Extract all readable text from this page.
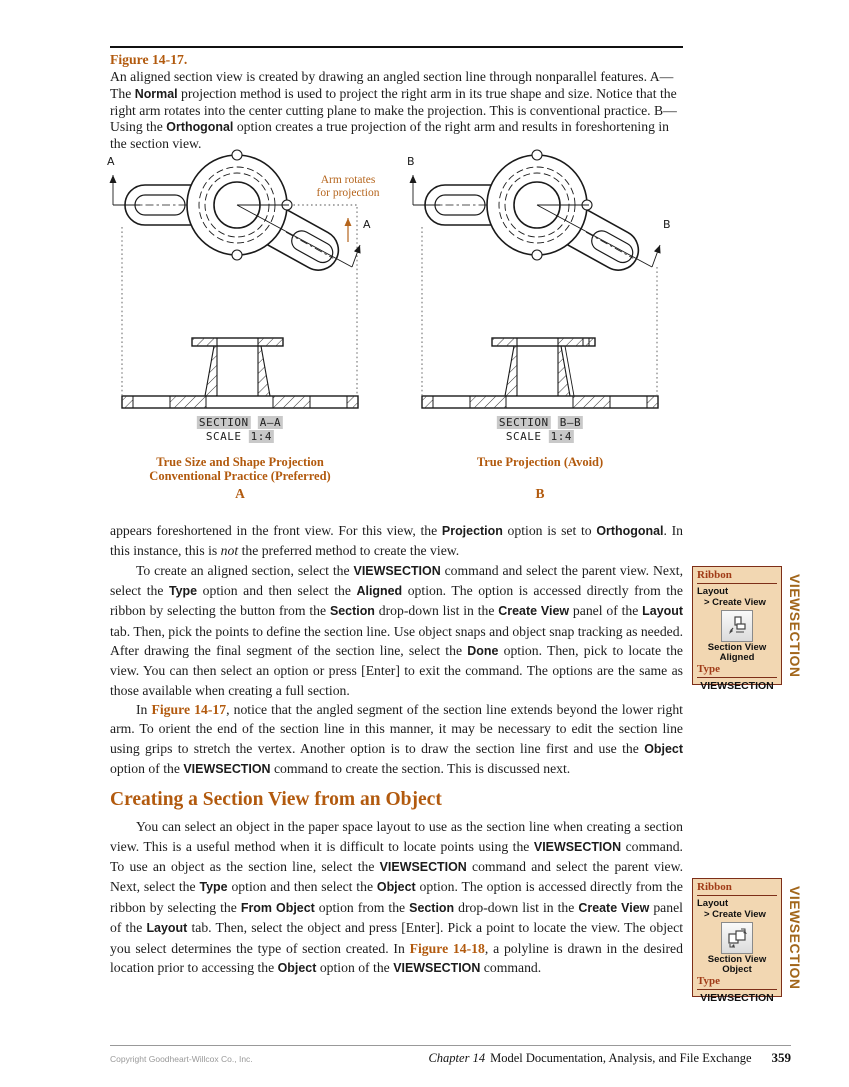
Figure 14-17.

An aligned section view is created by drawing an angled section line through nonparallel features. A—The Normal projection method is used to project the right arm in its true shape and size. Notice that the right arm rotates into the center cutting plane to make the projection. This is conventional practice. B—Using the Orthogonal option creates a true projection of the right arm and results in foreshortening in the section view.

A
A
B
B
Arm rotates
for projection
SECTION A–A
SCALE 1:4
SECTION B–B
SCALE 1:4
True Size and Shape Projection
Conventional Practice (Preferred)
True Projection (Avoid)
A	B

appears foreshortened in the front view. For this view, the Projection option is set to Orthogonal. In this instance, this is not the preferred method to create the view.

To create an aligned section, select the VIEWSECTION command and select the parent view. Next, select the Type option and then select the Aligned option. The option is accessed directly from the ribbon by selecting the button from the Section drop-down list in the Create View panel of the Layout tab. Then, pick the points to define the section line. Use object snaps and object snap tracking as needed. After drawing the final segment of the section line, select the Done option. Then, pick to locate the view. You can then select an option or press [Enter] to exit the command. The options are the same as those available when creating a full section.

In Figure 14-17, notice that the angled segment of the section line extends beyond the lower right arm. To orient the end of the section line in this manner, it may be necessary to edit the section line using grips to stretch the vertex. Another option is to draw the section line first and use the Object option of the VIEWSECTION command to create the section. This is discussed next.

Creating a Section View from an Object

You can select an object in the paper space layout to use as the section line when creating a section view. This is a useful method when it is difficult to locate points using the VIEWSECTION command. To use an object as the section line, select the VIEWSECTION command and select the parent view. Next, select the Type option and then select the Object option. The option is accessed directly from the ribbon by selecting the From Object option from the Section drop-down list in the Create View panel of the Layout tab. Then, select the object and press [Enter]. Pick a point to locate the view. The object you select determines the type of section created. In Figure 14-18, a polyline is drawn in the desired location prior to accessing the Object option of the VIEWSECTION command.

Ribbon
Layout
> Create View
Section View
Aligned
Type
VIEWSECTION
VIEWSECTION
Ribbon
Layout
> Create View
Section View
Object
Type
VIEWSECTION
VIEWSECTION
Copyright Goodheart-Willcox Co., Inc.	Chapter 14 Model Documentation, Analysis, and File Exchange 359
